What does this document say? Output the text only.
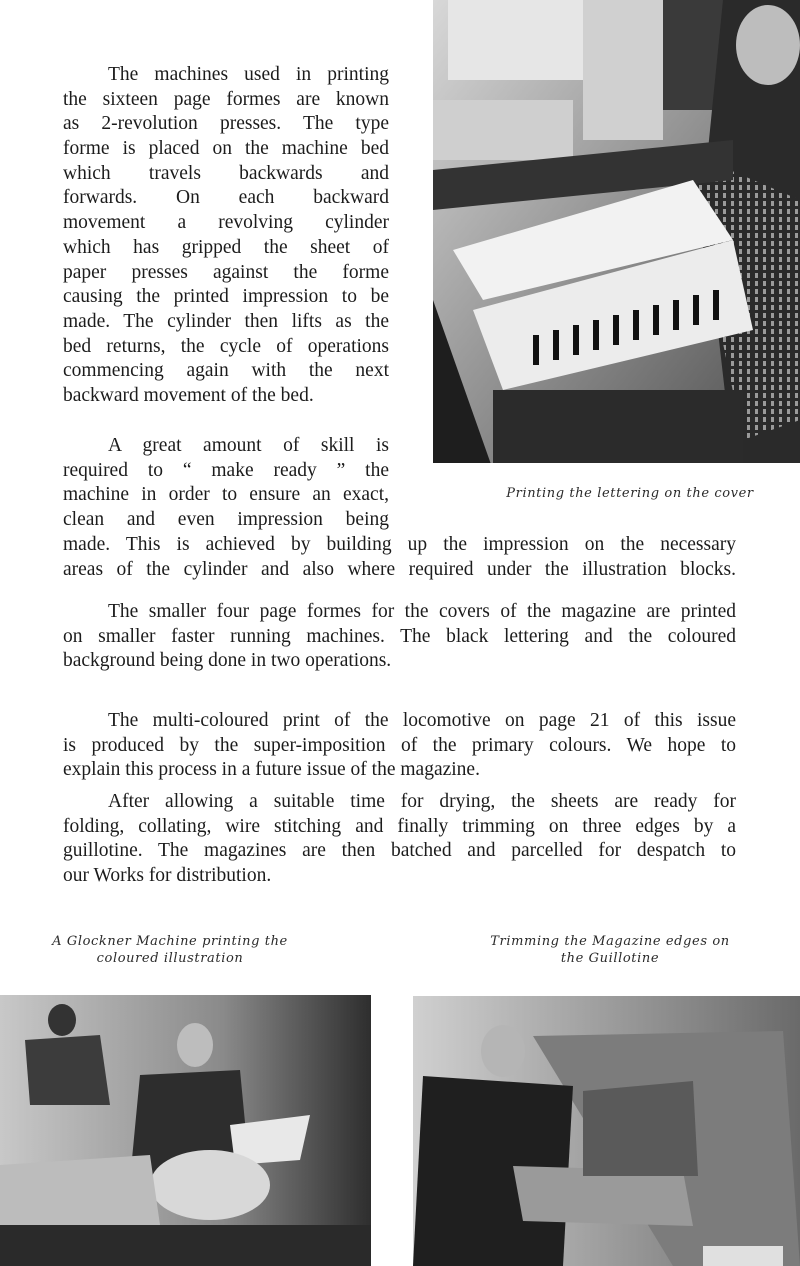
The machines used in printing
the sixteen page formes are known
as 2-revolution presses. The type
forme is placed on the machine bed
which travels backwards and
forwards. On each backward
movement a revolving cylinder
which has gripped the sheet of
paper presses against the forme
causing the printed impression to be
made. The cylinder then lifts as the
bed returns, the cycle of operations
commencing again with the next
backward movement of the bed.
A great amount of skill is
required to “ make ready ” the
machine in order to ensure an exact,
clean and even impression being
Printing the lettering on the cover
made. This is achieved by building up the impression on the necessary
areas of the cylinder and also where required under the illustration blocks.
The smaller four page formes for the covers of the magazine are printed
on smaller faster running machines. The black lettering and the coloured
background being done in two operations.
The multi-coloured print of the locomotive on page 21 of this issue
is produced by the super-imposition of the primary colours. We hope to
explain this process in a future issue of the magazine.
After allowing a suitable time for drying, the sheets are ready for
folding, collating, wire stitching and finally trimming on three edges by a
guillotine. The magazines are then batched and parcelled for despatch to
our Works for distribution.
A Glockner Machine printing the
coloured illustration
Trimming the Magazine edges on
the Guillotine
